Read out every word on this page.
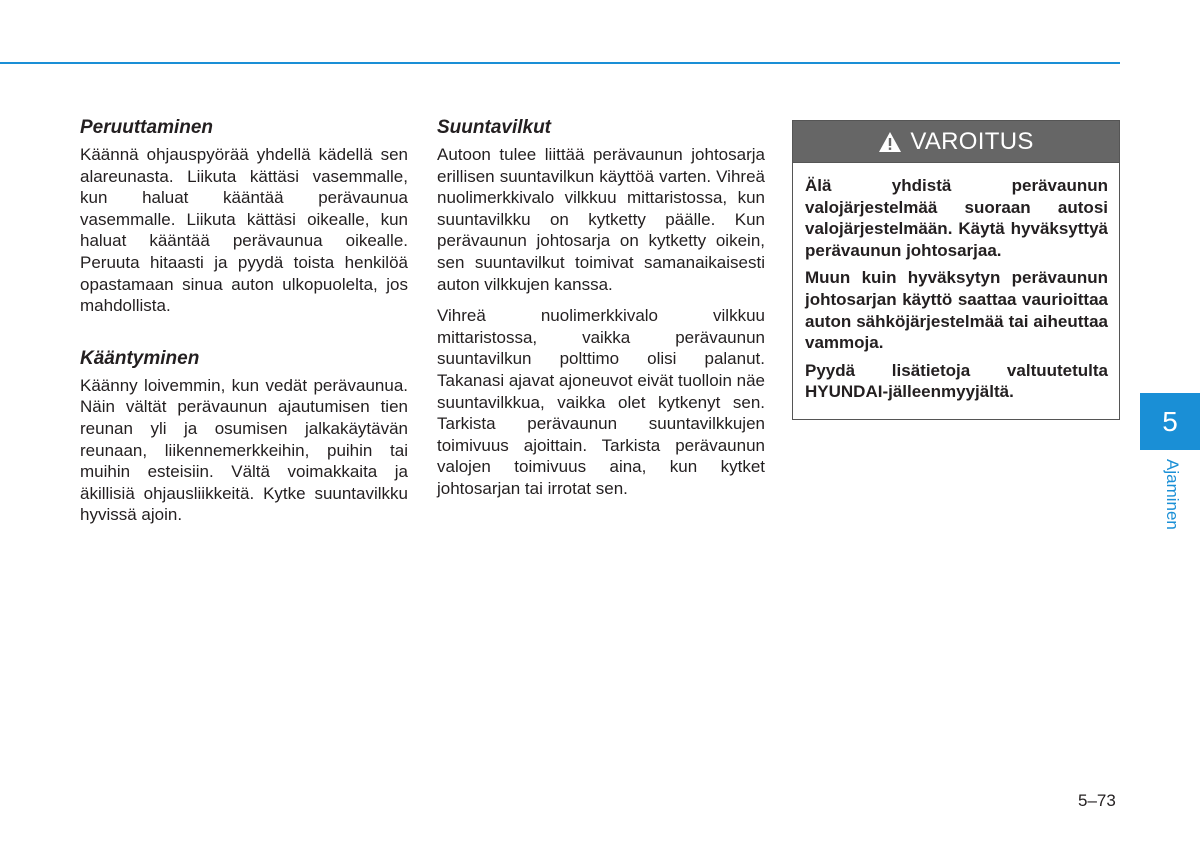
Peruuttaminen

Käännä ohjauspyörää yhdellä kädellä sen alareunasta. Liikuta kättäsi vasemmalle, kun haluat kääntää perävaunua vasemmalle. Liikuta kättäsi oikealle, kun haluat kääntää perävaunua oikealle. Peruuta hitaasti ja pyydä toista henkilöä opastamaan sinua auton ulkopuolelta, jos mahdollista.

Kääntyminen

Käänny loivemmin, kun vedät perävaunua. Näin vältät perävaunun ajautumisen tien reunan yli ja osumisen jalkakäytävän reunaan, liikennemerkkeihin, puihin tai muihin esteisiin. Vältä voimakkaita ja äkillisiä ohjausliikkeitä. Kytke suuntavilkku hyvissä ajoin.

Suuntavilkut

Autoon tulee liittää perävaunun johtosarja erillisen suuntavilkun käyttöä varten. Vihreä nuolimerkkivalo vilkkuu mittaristossa, kun suuntavilkku on kytketty päälle. Kun perävaunun johtosarja on kytketty oikein, sen suuntavilkut toimivat samanaikaisesti auton vilkkujen kanssa.

Vihreä nuolimerkkivalo vilkkuu mittaristossa, vaikka perävaunun suuntavilkun polttimo olisi palanut. Takanasi ajavat ajoneuvot eivät tuolloin näe suuntavilkkua, vaikka olet kytkenyt sen. Tarkista perävaunun suuntavilkkujen toimivuus ajoittain. Tarkista perävaunun valojen toimivuus aina, kun kytket johtosarjan tai irrotat sen.

VAROITUS

Älä yhdistä perävaunun valojärjestelmää suoraan autosi valojärjestelmään. Käytä hyväksyttyä perävaunun johtosarjaa.

Muun kuin hyväksytyn perävaunun johtosarjan käyttö saattaa vaurioittaa auton sähköjärjestelmää tai aiheuttaa vammoja.

Pyydä lisätietoja valtuutetulta HYUNDAI-jälleenmyyjältä.

5
Ajaminen
5–73
